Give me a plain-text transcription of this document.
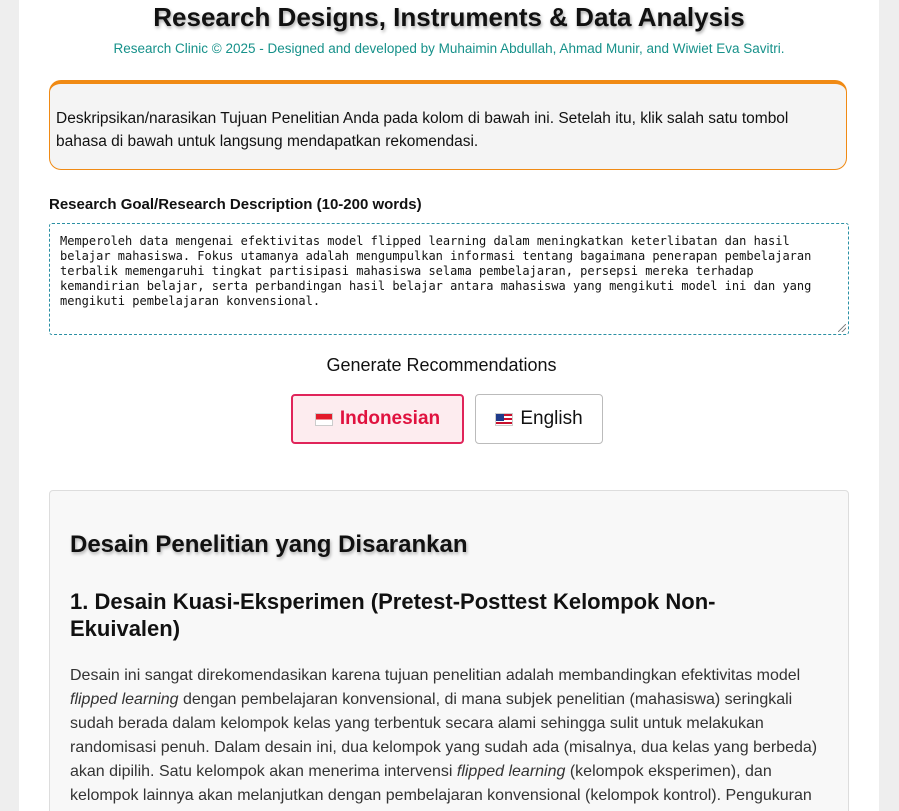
Research Designs, Instruments & Data Analysis
Research Clinic © 2025 - Designed and developed by Muhaimin Abdullah, Ahmad Munir, and Wiwiet Eva Savitri.
Deskripsikan/narasikan Tujuan Penelitian Anda pada kolom di bawah ini. Setelah itu, klik salah satu tombol bahasa di bawah untuk langsung mendapatkan rekomendasi.
Research Goal/Research Description (10-200 words)
Memperoleh data mengenai efektivitas model flipped learning dalam meningkatkan keterlibatan dan hasil belajar mahasiswa. Fokus utamanya adalah mengumpulkan informasi tentang bagaimana penerapan pembelajaran terbalik memengaruhi tingkat partisipasi mahasiswa selama pembelajaran, persepsi mereka terhadap kemandirian belajar, serta perbandingan hasil belajar antara mahasiswa yang mengikuti model ini dan yang mengikuti pembelajaran konvensional.
Generate Recommendations
Indonesian	English
Desain Penelitian yang Disarankan
1. Desain Kuasi-Eksperimen (Pretest-Posttest Kelompok Non-Ekuivalen)

Desain ini sangat direkomendasikan karena tujuan penelitian adalah membandingkan efektivitas model flipped learning dengan pembelajaran konvensional, di mana subjek penelitian (mahasiswa) seringkali sudah berada dalam kelompok kelas yang terbentuk secara alami sehingga sulit untuk melakukan randomisasi penuh. Dalam desain ini, dua kelompok yang sudah ada (misalnya, dua kelas yang berbeda) akan dipilih. Satu kelompok akan menerima intervensi flipped learning (kelompok eksperimen), dan kelompok lainnya akan melanjutkan dengan pembelajaran konvensional (kelompok kontrol). Pengukuran
